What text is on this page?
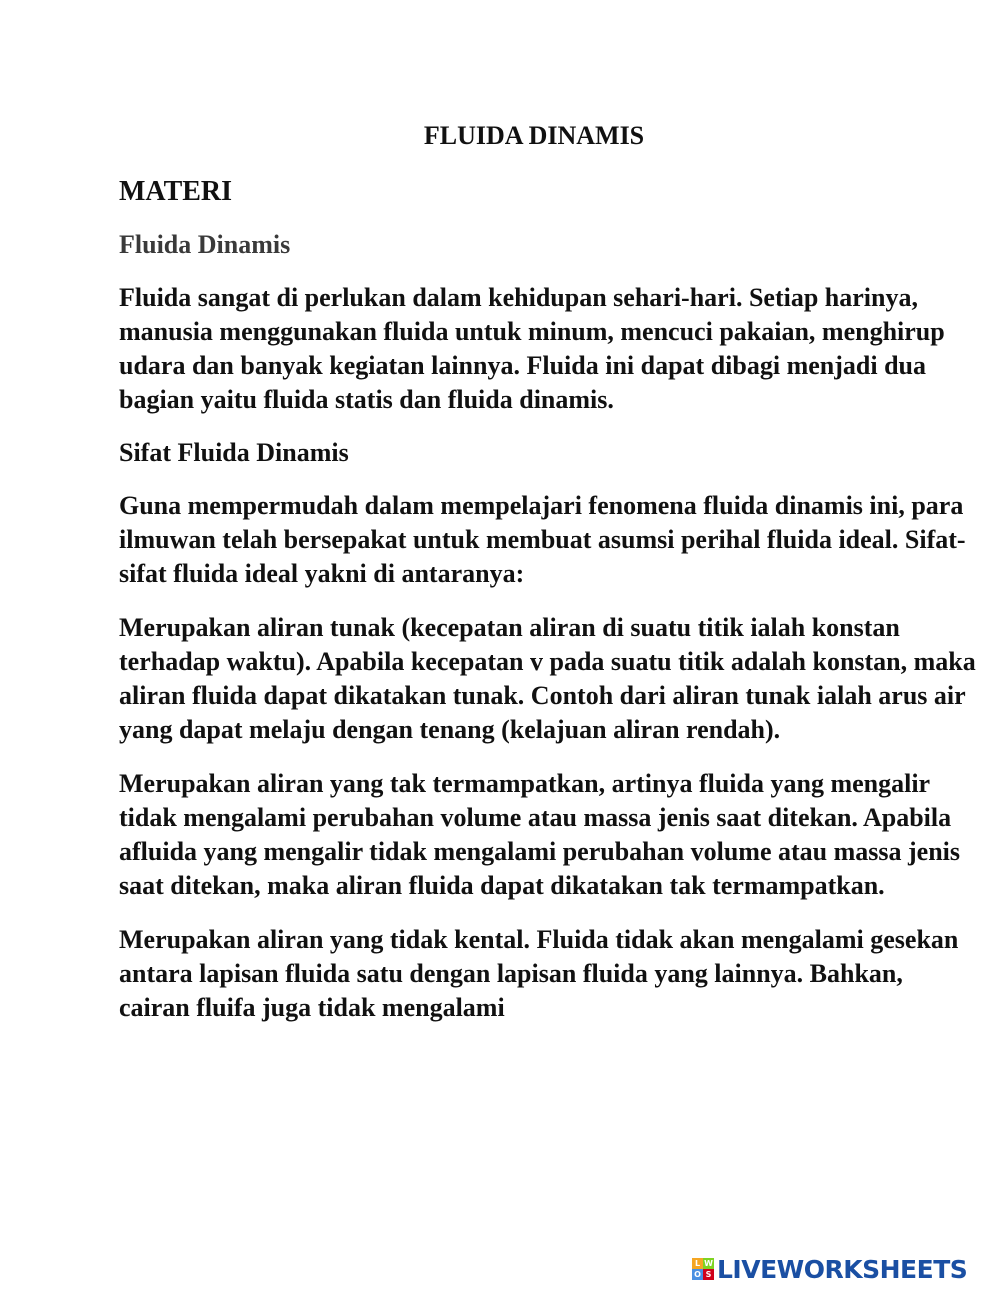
FLUIDA DINAMIS

MATERI

Fluida Dinamis

Fluida sangat di perlukan dalam kehidupan sehari-hari. Setiap harinya, manusia menggunakan fluida untuk minum, mencuci pakaian, menghirup udara dan banyak kegiatan lainnya. Fluida ini dapat dibagi menjadi dua bagian yaitu fluida statis dan fluida dinamis.

Sifat Fluida Dinamis

Guna mempermudah dalam mempelajari fenomena fluida dinamis ini, para ilmuwan telah bersepakat untuk membuat asumsi perihal fluida ideal. Sifat-sifat fluida ideal yakni di antaranya:

Merupakan aliran tunak (kecepatan aliran di suatu titik ialah konstan terhadap waktu). Apabila kecepatan v pada suatu titik adalah konstan, maka aliran fluida dapat dikatakan tunak. Contoh dari aliran tunak ialah arus air yang dapat melaju dengan tenang (kelajuan aliran rendah).

Merupakan aliran yang tak termampatkan, artinya fluida yang mengalir tidak mengalami perubahan volume atau massa jenis saat ditekan. Apabila afluida yang mengalir tidak mengalami perubahan volume atau massa jenis saat ditekan, maka aliran fluida dapat dikatakan tak termampatkan.

Merupakan aliran yang tidak kental. Fluida tidak akan mengalami gesekan antara lapisan fluida satu dengan lapisan fluida yang lainnya. Bahkan, cairan fluifa juga tidak mengalami

L W
O S LIVEWORKSHEETS
